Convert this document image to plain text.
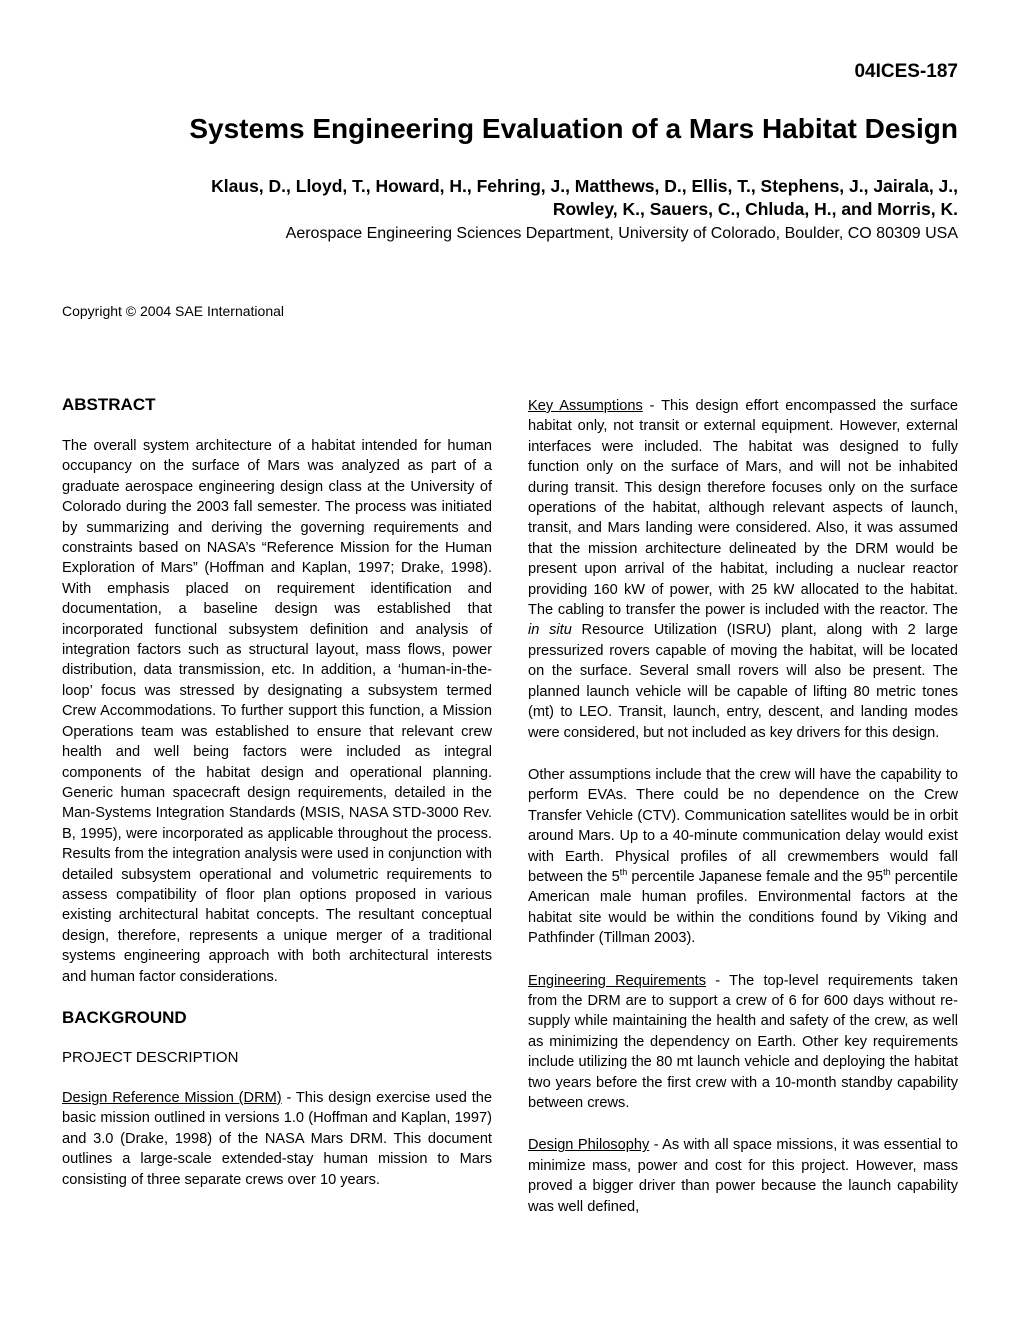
04ICES-187
Systems Engineering Evaluation of a Mars Habitat Design
Klaus, D., Lloyd, T., Howard, H., Fehring, J., Matthews, D., Ellis, T., Stephens, J., Jairala, J.,
Rowley, K., Sauers, C., Chluda, H., and Morris, K.
Aerospace Engineering Sciences Department, University of Colorado, Boulder, CO 80309 USA
Copyright © 2004 SAE International
ABSTRACT

The overall system architecture of a habitat intended for human occupancy on the surface of Mars was analyzed as part of a graduate aerospace engineering design class at the University of Colorado during the 2003 fall semester. The process was initiated by summarizing and deriving the governing requirements and constraints based on NASA’s “Reference Mission for the Human Exploration of Mars” (Hoffman and Kaplan, 1997; Drake, 1998). With emphasis placed on requirement identification and documentation, a baseline design was established that incorporated functional subsystem definition and analysis of integration factors such as structural layout, mass flows, power distribution, data transmission, etc. In addition, a ‘human-in-the-loop’ focus was stressed by designating a subsystem termed Crew Accommodations. To further support this function, a Mission Operations team was established to ensure that relevant crew health and well being factors were included as integral components of the habitat design and operational planning. Generic human spacecraft design requirements, detailed in the Man-Systems Integration Standards (MSIS, NASA STD-3000 Rev. B, 1995), were incorporated as applicable throughout the process. Results from the integration analysis were used in conjunction with detailed subsystem operational and volumetric requirements to assess compatibility of floor plan options proposed in various existing architectural habitat concepts. The resultant conceptual design, therefore, represents a unique merger of a traditional systems engineering approach with both architectural interests and human factor considerations.

BACKGROUND
PROJECT DESCRIPTION

Design Reference Mission (DRM) - This design exercise used the basic mission outlined in versions 1.0 (Hoffman and Kaplan, 1997) and 3.0 (Drake, 1998) of the NASA Mars DRM. This document outlines a large-scale extended-stay human mission to Mars consisting of three separate crews over 10 years.

Key Assumptions - This design effort encompassed the surface habitat only, not transit or external equipment. However, external interfaces were included. The habitat was designed to fully function only on the surface of Mars, and will not be inhabited during transit. This design therefore focuses only on the surface operations of the habitat, although relevant aspects of launch, transit, and Mars landing were considered. Also, it was assumed that the mission architecture delineated by the DRM would be present upon arrival of the habitat, including a nuclear reactor providing 160 kW of power, with 25 kW allocated to the habitat. The cabling to transfer the power is included with the reactor. The in situ Resource Utilization (ISRU) plant, along with 2 large pressurized rovers capable of moving the habitat, will be located on the surface. Several small rovers will also be present. The planned launch vehicle will be capable of lifting 80 metric tones (mt) to LEO. Transit, launch, entry, descent, and landing modes were considered, but not included as key drivers for this design.

Other assumptions include that the crew will have the capability to perform EVAs. There could be no dependence on the Crew Transfer Vehicle (CTV). Communication satellites would be in orbit around Mars. Up to a 40-minute communication delay would exist with Earth. Physical profiles of all crewmembers would fall between the 5th percentile Japanese female and the 95th percentile American male human profiles. Environmental factors at the habitat site would be within the conditions found by Viking and Pathfinder (Tillman 2003).

Engineering Requirements - The top-level requirements taken from the DRM are to support a crew of 6 for 600 days without re-supply while maintaining the health and safety of the crew, as well as minimizing the dependency on Earth. Other key requirements include utilizing the 80 mt launch vehicle and deploying the habitat two years before the first crew with a 10-month standby capability between crews.

Design Philosophy - As with all space missions, it was essential to minimize mass, power and cost for this project. However, mass proved a bigger driver than power because the launch capability was well defined,
